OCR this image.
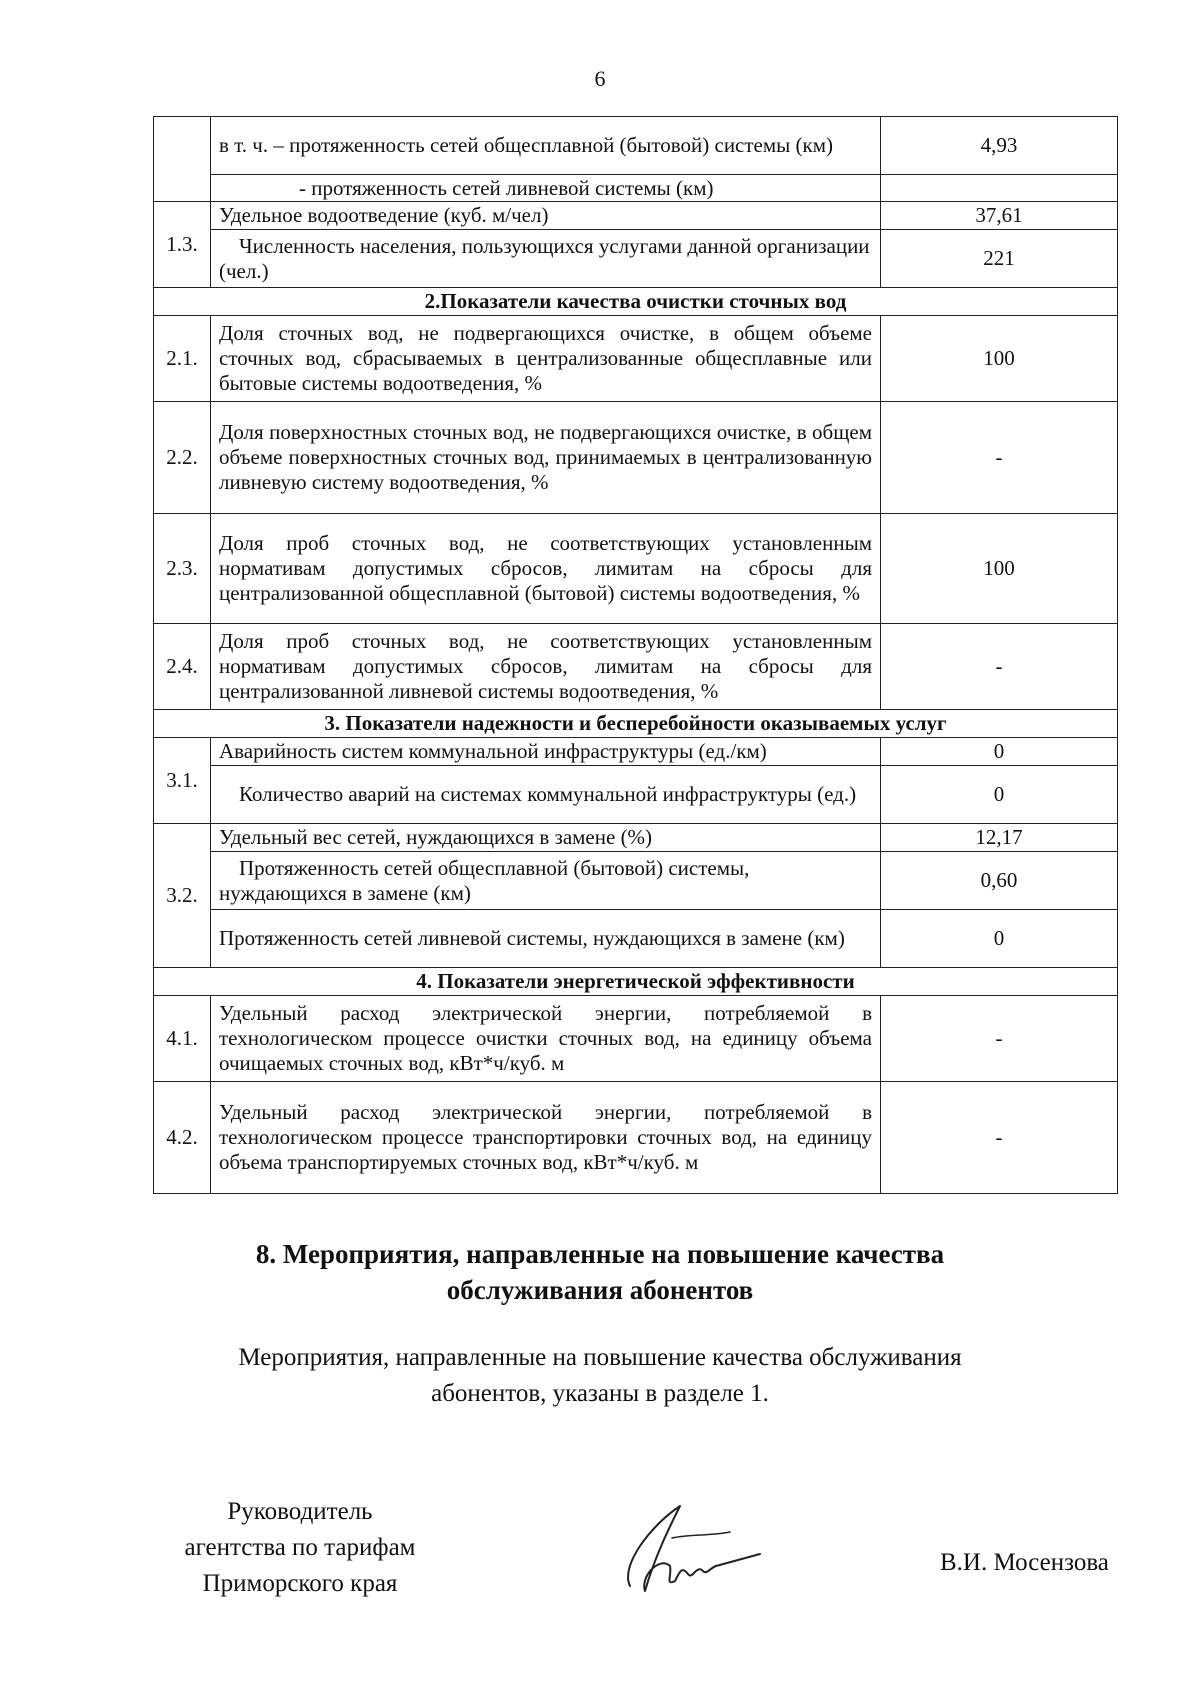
6
	в т. ч. – протяженность сетей общесплавной (бытовой) системы (км)	4,93
	- протяженность сетей ливневой системы (км)	
1.3.	Удельное водоотведение (куб. м/чел)	37,61
	Численность населения, пользующихся услугами данной организации (чел.)	221
2.Показатели качества очистки сточных вод		
2.1.	Доля сточных вод, не подвергающихся очистке, в общем объеме сточных вод, сбрасываемых в централизованные общесплавные или бытовые системы водоотведения, %	100
2.2.	Доля поверхностных сточных вод, не подвергающихся очистке, в общем объеме поверхностных сточных вод, принимаемых в централизованную ливневую систему водоотведения, %	-
2.3.	Доля проб сточных вод, не соответствующих установленным нормативам допустимых сбросов, лимитам на сбросы для централизованной общесплавной (бытовой) системы водоотведения, %	100
2.4.	Доля проб сточных вод, не соответствующих установленным нормативам допустимых сбросов, лимитам на сбросы для централизованной ливневой системы водоотведения, %	-
3. Показатели надежности и бесперебойности оказываемых услуг		
3.1.	Аварийность систем коммунальной инфраструктуры (ед./км)	0
	Количество аварий на системах коммунальной инфраструктуры (ед.)	0
3.2.	Удельный вес сетей, нуждающихся в замене (%)	12,17
	Протяженность сетей общесплавной (бытовой) системы, нуждающихся в замене (км)	0,60
	Протяженность сетей ливневой системы, нуждающихся в замене (км)	0
4. Показатели энергетической эффективности		
4.1.	Удельный расход электрической энергии, потребляемой в технологическом процессе очистки сточных вод, на единицу объема очищаемых сточных вод, кВт*ч/куб. м	-
4.2.	Удельный расход электрической энергии, потребляемой в технологическом процессе транспортировки сточных вод, на единицу объема транспортируемых сточных вод, кВт*ч/куб. м	-
8. Мероприятия, направленные на повышение качества
обслуживания абонентов
Мероприятия, направленные на повышение качества обслуживания
абонентов, указаны в разделе 1.
Руководитель
агентства по тарифам
Приморского края
В.И. Мосензова
